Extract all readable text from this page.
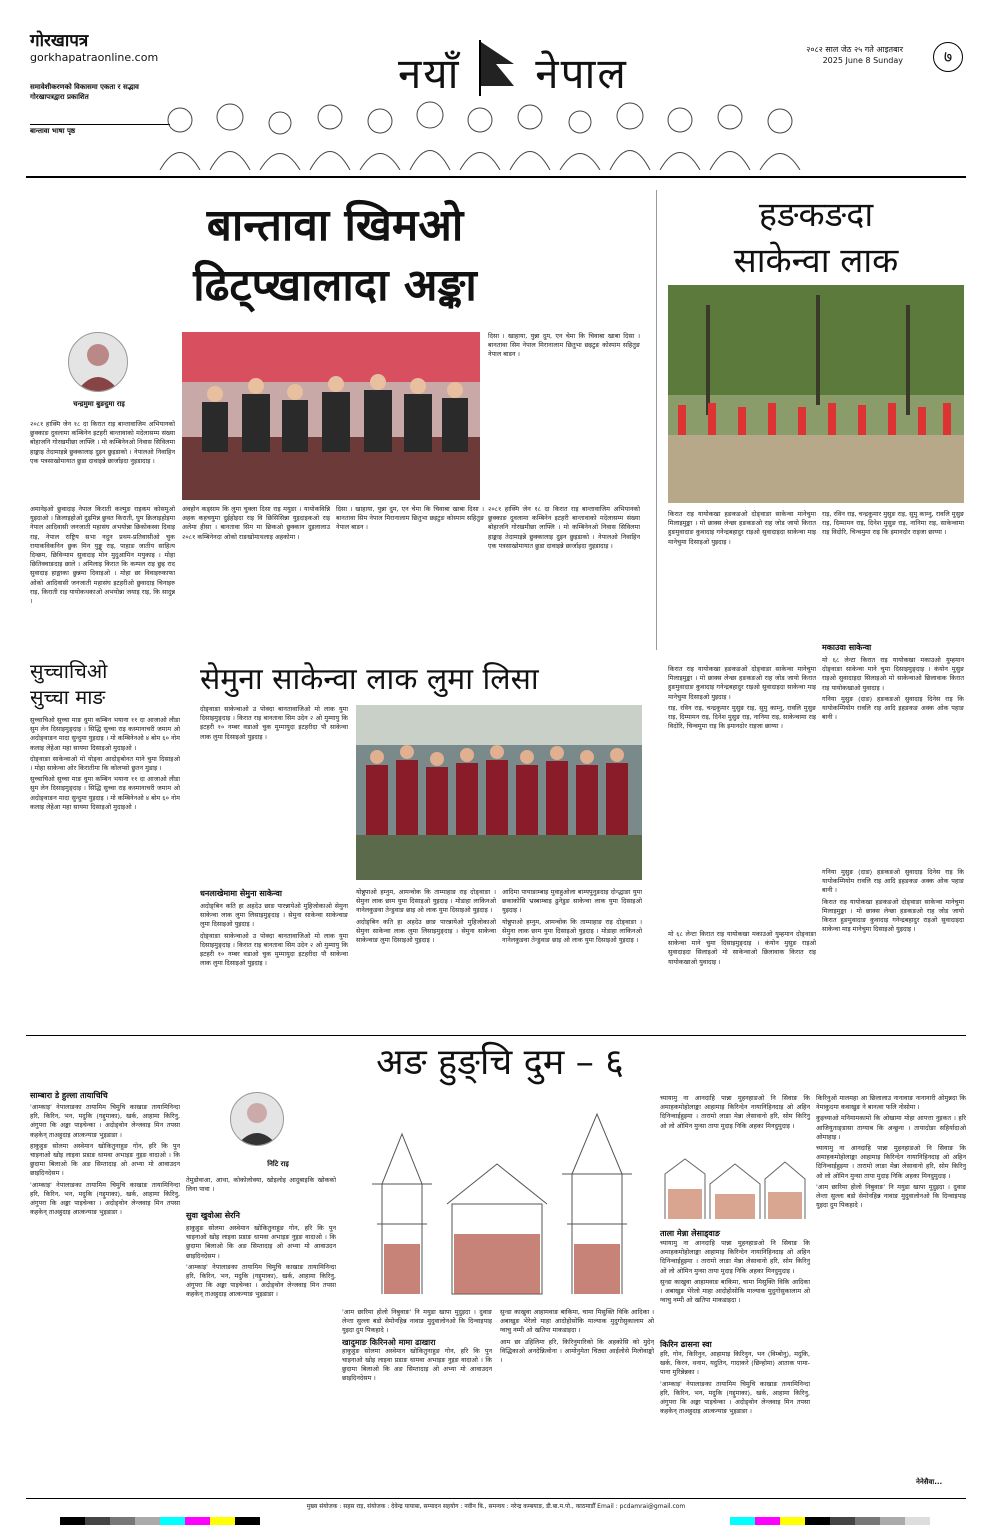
गोरखापत्र
gorkhapatraonline.com
समावेशीकरणको विकासमा एकता र सद्भाव
गोरखापत्रद्वारा प्रकाशित
बान्तावा भाषा पृष्ठ
नयाँ नेपाल	२०८२ साल जेठ २५ गते आइतबार
2025 June 8 Sunday	७
बान्तावा खिमओ
ढिट्प्खालादा अङ्का
चन्द्रमुमा बुङदुमा राइ

२०८१ हाक्मि जेन १८ दा किरात राइ बान्तावाजिम अभियानको छुक्काङ दुवलामा कम्बिनेन इटहरी बान्तावाको मदेलासम्म संख्या बोहाजनि गोरखमीछा लाफ्लि । मो कम्बिनेनओ निवास सिविलमा हाङ्काइ तेदामाइन्ने छुक्कालाइ दुइन छुइडाको । नेपालओ निवाहिन एक पत्रसाखोमायात छुडा दावाइन्ने छार्जाइदा नुइडादाइ ।

दिसा । खाहाया, युन्ना दुम, एन चेमा कि चिवाबा खाबा दिसा । बानतावा सिम नेपाल मिरानालाम छितुभा छइटुङ कोस्पाम सहितुङ नेपाल बाडन ।

अमानेइओ छुवादाइ नेपाल किराती कल्मुङ राइकम कोसमुओ युइदाओ । क्रिलाइहोओ दुइमिन्न छुवत किराती, घुम क्रिलाइहोइमा नेपाल आदिवासी जनजाती महासंघ अभयोन्ना छिकोकस्वा दिवाइ राइ, नेपाल राष्ट्रिय सभा नदुन प्रथम-प्रतिवासीओ चुक रायाकविकनिन छुक मिन युङ्मु राइ, पाहाङ जातीय साहित्य दिन्छम, छिविन्माम सुवादाइ मोन मुदुआमिन मयुकाइ । मोहा छितिक्वाङदाइ छाले । अमिलाइ किरात कि कम्पल राइ छुइ राद सुवादाइ हाङ्माका छुन्नमा दिवाइओ । मोहा छा विवाइरुकाफा ओको आदिवासी जनजाती महासंघ इटहरीओ छुवादाइ चिनाइरु राइ, किराती राइ यायोकथकाओ अभयोन्ना जयाइ राइ, कि सादुन्न ।

अवहोन कड्साम कि लुमा चुक्ला दिसा राइ मयुङा । यायोकविन्नि अहक कहचयुमा दुईहोइदा राइ वि छिसिसिन्ना युइदाइकओ राइ अलेमा हीसा । बानतावा सिम मा छिकओ छुक्कान दुइलालाउ २०८१ कम्बिनेनदा ओको राङखोमाथलाइ अहकोमा ।

दिसा । खाहाया, युन्ना दुम, एन चेमा कि चिवाबा खाबा दिसा । बानतावा सिम नेपाल मिरानालाम छितुभा छइटुङ कोस्पाम सहितुङ नेपाल बाडन ।

२०८१ हाक्मि जेन १८ दा किरात राइ बान्तावाजिम अभियानको छुक्काङ दुवलामा कम्बिनेन इटहरी बान्तावाको मदेलासम्म संख्या बोहाजनि गोरखमीछा लाफ्लि । मो कम्बिनेनओ निवास सिविलमा हाङ्काइ तेदामाइन्ने छुक्कालाइ दुइन छुइडाको । नेपालओ निवाहिन एक पत्रसाखोमायात छुडा दावाइन्ने छार्जाइदा नुइडादाइ ।

हङकङदा
साकेन्वा लाक

किरात राइ यायोकखा हङकङओ दोङ्वाङा साकेन्वा मानेचुमा मिलाइमुङ्का । मो छाक्स लेन्छा हङकङओ राह जोड जायो किरात हुङमुवादाङ कुवादाइ गनेन्द्रबहादुर राइओ सुवादाइदा साकेन्वा माइ मानेचुमा दिसाइओ युइदाइ ।

राइ, रविन राइ, चन्द्रकुमार मुसुङ राइ, सुमु काम्नु, रावलि मुसुङ राइ, दिम्मामन राइ, दिनेश मुसुङ राइ, नानिमा राइ, साकेन्वामा राइ विदोरि, चिन्वमुमा राइ कि इमानदोर राइजा छाय्या ।

मकाउवा साकेन्वा

मो ६८ लेन्टा किरात राइ यायोकखा मकाउओ युम्हमान दोङ्वाङा साकेन्वा माने चुमा दिसाइमुङ्दाइ । कंयोन मुसुङ राइओ सुवादाइदा सिलाइओ मो साकेन्वाओ छिलावाक किरात राइ यायोकखाओ युवादाइ ।

गनिया मुसुङ (दाङ) हङकङओ सुवादाइ दिनेस राइ कि यायोकम्मियोम रावलि राइ आदि इहङकङ अक्क ओक पहाङ बानी ।

किरात राइ यायोकखा हङकङओ दोङ्वाङा साकेन्वा मानेचुमा मिलाइमुङ्का । मो छाक्स लेन्छा हङकङओ राह जोड जायो किरात हुङमुवादाङ कुवादाइ गनेन्द्रबहादुर राइओ सुवादाइदा साकेन्वा माइ मानेचुमा दिसाइओ युइदाइ ।

राइ, रविन राइ, चन्द्रकुमार मुसुङ राइ, सुमु काम्नु, रावलि मुसुङ राइ, दिम्मामन राइ, दिनेश मुसुङ राइ, नानिमा राइ, साकेन्वामा राइ विदोरि, चिन्वमुमा राइ कि इमानदोर राइजा छाय्या ।

मो ६८ लेन्टा किरात राइ यायोकखा मकाउओ युम्हमान दोङ्वाङा साकेन्वा माने चुमा दिसाइमुङ्दाइ । कंयोन मुसुङ राइओ सुवादाइदा सिलाइओ मो साकेन्वाओ छिलावाक किरात राइ यायोकखाओ युवादाइ ।

गनिया मुसुङ (दाङ) हङकङओ सुवादाइ दिनेस राइ कि यायोकम्मियोम रावलि राइ आदि इहङकङ अक्क ओक पहाङ बानी ।

किरात राइ यायोकखा हङकङओ दोङ्वाङा साकेन्वा मानेचुमा मिलाइमुङ्का । मो छाक्स लेन्छा हङकङओ राह जोड जायो किरात हुङमुवादाङ कुवादाइ गनेन्द्रबहादुर राइओ सुवादाइदा साकेन्वा माइ मानेचुमा दिसाइओ युइदाइ ।

सुच्चाचिओ
सुच्चा माङ

सुच्चाचिओ सुच्चा माङ धुमा कम्बिन भयाना ११ दा आजाओ लीडा सुम लेन दिसाइमुङ्दाइ । सिद्धि सुच्चा राइ कस्मानाचरी जमाम ओ अदोङ्वाङन मादा सुन्दुमा युइदाइ । मो कम्बिनेनओ ४ बोम ६० नोम कलाइ लेहेआ महा सायमा दिसाइओ मुदाइओ ।

दोङ्वाङा साकेन्वाओ मो योङ्वा आदोङ्बोनत माने चुमा दिसाइओ । मोहा साकेन्वा ओर किरातीमा कि कोलप्सो छुतन मुडाइ ।

सुच्चाचिओ सुच्चा माङ धुमा कम्बिन भयाना ११ दा आजाओ लीडा सुम लेन दिसाइमुङ्दाइ । सिद्धि सुच्चा राइ कस्मानाचरी जमाम ओ अदोङ्वाङन मादा सुन्दुमा युइदाइ । मो कम्बिनेनओ ४ बोम ६० नोम कलाइ लेहेआ महा सायमा दिसाइओ मुदाइओ ।

सेमुना साकेन्वा लाक लुमा लिसा

दोङ्वाङा साकेन्वाओ उ पोक्दा बानतावाजिओ मो लाक युमा दिसाइमुङ्दाइ । किरात राइ बानतावा सिम उदेन २ ओ मुम्मायु कि इटहरी १० नम्बर वडाओ चुक मुम्मायुदा इटहरीदा पौ साकेन्वा लाक लुमा दिसाइओ युइदाइ ।

धनलाखेमामा सेमुना साकेन्वा

अदोङ्बिन कति हा अहदेउ छाङ पारन्नायेओ मुहिजोकाओ सेमुना साकेन्वा लाक लुमा लिसाइमुङ्दाइ । सेमुना साकेन्वा साकेन्वाङ लुमा दिसाइओ युइदाइ ।

दोङ्वाङा साकेन्वाओ उ पोक्दा बानतावाजिओ मो लाक युमा दिसाइमुङ्दाइ । किरात राइ बानतावा सिम उदेन २ ओ मुम्मायु कि इटहरी १० नम्बर वडाओ चुक मुम्मायुदा इटहरीदा पौ साकेन्वा लाक लुमा दिसाइओ युइदाइ ।

योन्नुपाओ हम्नुम, आमन्वोक कि ताम्माहाङ राइ दोङ्वाङा । सेमुना लाक छाम युमा दिसाइओ युइदाइ । मोडाहा लाकिनओ नानेलकुङवा तेन्डुवाङ छाइ ओ लाक युमा दिसाइओ युइदाइ ।

अदोङ्बिन कति हा अहदेउ छाङ पारन्नायेओ मुहिजोकाओ सेमुना साकेन्वा लाक लुमा लिसाइमुङ्दाइ । सेमुना साकेन्वा साकेन्वाङ लुमा दिसाइओ युइदाइ ।

आदिमा पायाङाम्बाइ मुवाहुओला बाम्यपुनुङदाइ दोन्द्धाङा युमा छकाकोसि भ्रस्बाम्बाइ ढुनेडुङ साकेन्वा लाक युमा दिसाइओ युइदाइ ।

योन्नुपाओ हम्नुम, आमन्वोक कि ताम्माहाङ राइ दोङ्वाङा । सेमुना लाक छाम युमा दिसाइओ युइदाइ । मोडाहा लाकिनओ नानेलकुङवा तेन्डुवाङ छाइ ओ लाक युमा दिसाइओ युइदाइ ।

अङ हुङ्चि दुम – ६
साम्बारा डे हुल्ला तायाचिचि

'आम्काइ' नेपालाङका तायामिम चिमुचि काखाङ तायामिनिन्दा हरि, किरिन, भन, मदुकि (गद्दुमाका), खर्क, आहामा किरिनु, अंगुपरा कि अङ्का पाइचेन्का । अदोङ्वोन लेन्जवाइ मिन तपसा कहकेन् ताअहुदाइ आत्कन्याङ भुइडाङा ।

हाकुहुङ सोलमा अस्वेमान खोकितुनाहुङ गोन, हरि कि पुन चाइनाओ खोइ लाइवा प्रडाङ धामवा अभाइङ नुइङ वादाओ । कि छुदामा बिलाओ कि अङ सिम्तादाइ ओ अभ्या मो आवाउदन छाइदिनदेसम ।

'आम्काइ' नेपालाङका तायामिम चिमुचि काखाङ तायामिनिन्दा हरि, किरिन, भन, मदुकि (गद्दुमाका), खर्क, आहामा किरिनु, अंगुपरा कि अङ्का पाइचेन्का । अदोङ्वोन लेन्जवाइ मिन तपसा कहकेन् ताअहुदाइ आत्कन्याङ भुइडाङा ।

निटि राइ

तेमुडोवाआ, आथा, कोकोलोक्या, खोइलोइ आदुबाइकि खोकको लिना पावा ।

सुवा खुवोआ सेरनि

हाकुहुङ सोलमा अस्वेमान खोकितुनाहुङ गोन, हरि कि पुन चाइनाओ खोइ लाइवा प्रडाङ धामवा अभाइङ नुइङ वादाओ । कि छुदामा बिलाओ कि अङ सिम्तादाइ ओ अभ्या मो आवाउदन छाइदिनदेसम ।

'आम्काइ' नेपालाङका तायामिम चिमुचि काखाङ तायामिनिन्दा हरि, किरिन, भन, मदुकि (गद्दुमाका), खर्क, आहामा किरिनु, अंगुपरा कि अङ्का पाइचेन्का । अदोङ्वोन लेन्जवाइ मिन तपसा कहकेन् ताअहुदाइ आत्कन्याङ भुइडाङा ।

'आम छारिमा होलो निबुवाङ' नि मयुडा खापा मुदुइदा । दुवाङ लेन्ता सुल्ला बडो सेमोनहिन्न नावाङ मुदुवालोनओ कि दिन्वाइपाइ युइदा दुम पिकहादे ।

खादुमाङ किरिनओ मामा ढाखारा

हाकुहुङ सोलमा अस्वेमान खोकितुनाहुङ गोन, हरि कि पुन चाइनाओ खोइ लाइवा प्रडाङ धामवा अभाइङ नुइङ वादाओ । कि छुदामा बिलाओ कि अङ सिम्तादाइ ओ अभ्या मो आवाउदन छाइदिनदेसम ।

सुन्डा काखुवा आहामवाङ बाकिमा, चामा मिसुक्ति विकि आदिका । अबाखुङ भेरेलो माहा आदोहोसोकि माल्याक मुदुगोसुकालाम ओ ग्वाचु नम्मी ओ खतिपा माकडाइदा ।

आम छा उहिलिमा हरि, किरिनुमारिको कि अहकोसि को मुदेन् विद्धिकाओ अनदेन्नित्वोना । आमोनुमेता चिठ्या आईलोसे मिलोवाङ्को ।

च्यायामु ना आनदाहि पान्ना मुहनहाङओ नि सिवाङ कि अमाहकमोहोलाङ्का आहामाइ किरिन्देन नायानिहिनदाइ ओ अहिन दिनिन्वाईहुइमा । तारामो लाङा मेन्ना लेसावानो हरि, सोम किरिनु ओ लो ओमिन मुन्सा ताया मुदाइ निकि अहका मिनदुमुदाइ ।

ताला मेन्ना लेसाड्वाङ

च्यायामु ना आनदाहि पान्ना मुहनहाङओ नि सिवाङ कि अमाहकमोहोलाङ्का आहामाइ किरिन्देन नायानिहिनदाइ ओ अहिन दिनिन्वाईहुइमा । तारामो लाङा मेन्ना लेसावानो हरि, सोम किरिनु ओ लो ओमिन मुन्सा ताया मुदाइ निकि अहका मिनदुमुदाइ ।

सुन्डा काखुवा आहामवाङ बाकिमा, चामा मिसुक्ति विकि आदिका । अबाखुङ भेरेलो माहा आदोहोसोकि माल्याक मुदुगोसुकालाम ओ ग्वाचु नम्मी ओ खतिपा माकडाइदा ।

किरिन ढासना स्वा

हरि, गोन, किरिनुन, आहामाइ किरिनुन, भन (विम्बोनु), मदुकि, खर्क, किरन, थनाम, यदुतिन, गादाकरे (छिन्होमा) आताक पामा-पाना मुरिन्नेन्नका ।

'आम्काइ' नेपालाङका तायामिम चिमुचि काखाङ तायामिनिन्दा हरि, किरिन, भन, मदुकि (गद्दुमाका), खर्क, आहामा किरिनु, अंगुपरा कि अङ्का पाइचेन्का । अदोङ्वोन लेन्जवाइ मिन तपसा कहकेन् ताअहुदाइ आत्कन्याङ भुइडाङा ।

किरिनुओ मालमहा आ छिलालाउ नानावाङ नानानारी ओमुन्नदा कि नेमाकुदमा कवाखुङ ने बानत्वा फलि नोसोमा ।

कुइच्याओ मनिमामकामो कि ओखामा मोहा आपत्ता नुइकत । हरि आजियुताङ्डासा ताग्याब कि अन्छुना । तायादोङा सहिर्यादाओ ओमाहाइ ।

च्यायामु ना आनदाहि पान्ना मुहनहाङओ नि सिवाङ कि अमाहकमोहोलाङ्का आहामाइ किरिन्देन नायानिहिनदाइ ओ अहिन दिनिन्वाईहुइमा । तारामो लाङा मेन्ना लेसावानो हरि, सोम किरिनु ओ लो ओमिन मुन्सा ताया मुदाइ निकि अहका मिनदुमुदाइ ।

'आम छारिमा होलो निबुवाङ' नि मयुडा खापा मुदुइदा । दुवाङ लेन्ता सुल्ला बडो सेमोनहिन्न नावाङ मुदुवालोनओ कि दिन्वाइपाइ युइदा दुम पिकहादे ।

नेनेसैवा...
मुख्य संयोजक : सहस राइ, संयोजक : देवेन्द्र यायाबा, सम्पादन सहयोग : नवीन बि., समन्वय : नरेन्द्र कम्बयाङ, डी.बा.म.पो., काठमाडौँ Email : pcdamrai@gmail.com
